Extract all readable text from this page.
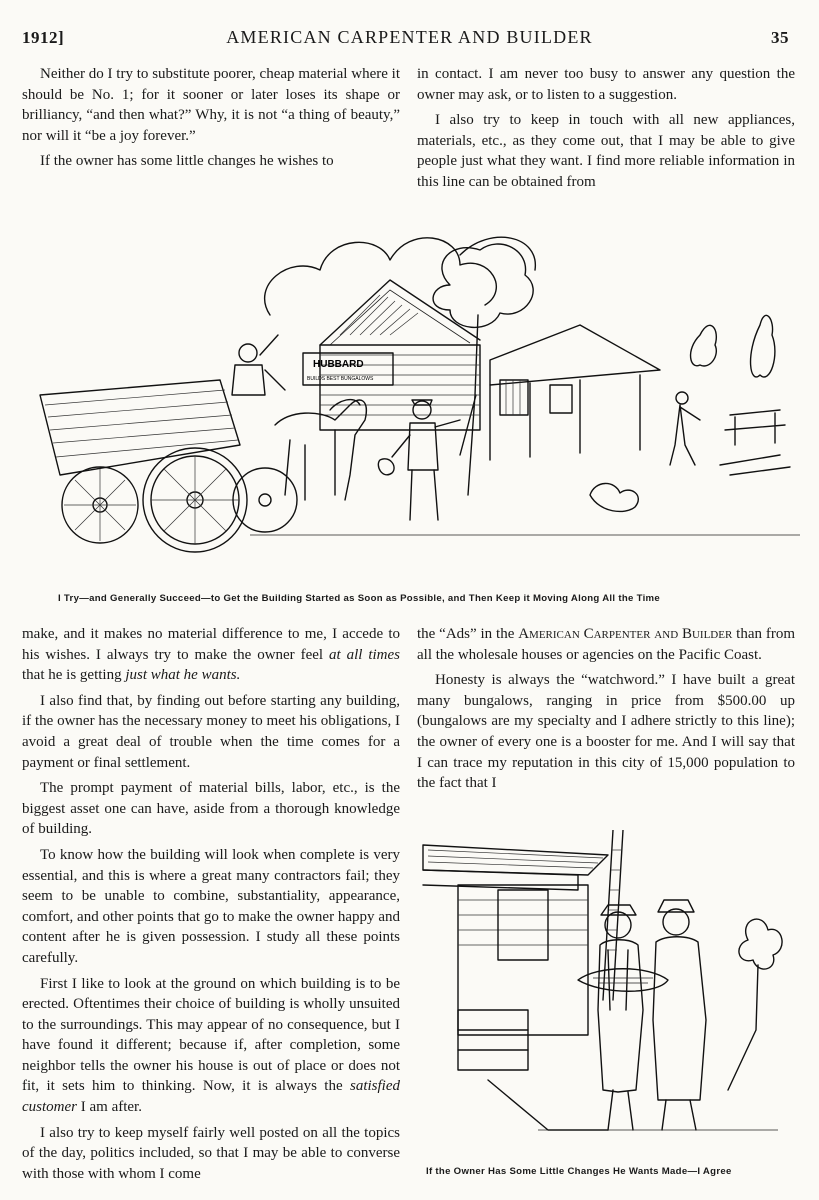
1912]	AMERICAN CARPENTER AND BUILDER	35

Neither do I try to substitute poorer, cheap material where it should be No. 1; for it sooner or later loses its shape or brilliancy, “and then what?” Why, it is not “a thing of beauty,” nor will it “be a joy forever.”

If the owner has some little changes he wishes to

in contact. I am never too busy to answer any question the owner may ask, or to listen to a suggestion.

I also try to keep in touch with all new appliances, materials, etc., as they come out, that I may be able to give people just what they want. I find more reliable information in this line can be obtained from

HUBBARD
BUILDS BEST BUNGALOWS
I Try—and Generally Succeed—to Get the Building Started as Soon as Possible, and Then Keep it Moving Along All the Time

make, and it makes no material difference to me, I accede to his wishes. I always try to make the owner feel at all times that he is getting just what he wants.

I also find that, by finding out before starting any building, if the owner has the necessary money to meet his obligations, I avoid a great deal of trouble when the time comes for a payment or final settlement.

The prompt payment of material bills, labor, etc., is the biggest asset one can have, aside from a thorough knowledge of building.

To know how the building will look when complete is very essential, and this is where a great many contractors fail; they seem to be unable to combine, substantiality, appearance, comfort, and other points that go to make the owner happy and content after he is given possession. I study all these points carefully.

First I like to look at the ground on which building is to be erected. Oftentimes their choice of building is wholly unsuited to the surroundings. This may appear of no consequence, but I have found it different; because if, after completion, some neighbor tells the owner his house is out of place or does not fit, it sets him to thinking. Now, it is always the satisfied customer I am after.

I also try to keep myself fairly well posted on all the topics of the day, politics included, so that I may be able to converse with those with whom I come

the “Ads” in the American Carpenter and Builder than from all the wholesale houses or agencies on the Pacific Coast.

Honesty is always the “watchword.” I have built a great many bungalows, ranging in price from $500.00 up (bungalows are my specialty and I adhere strictly to this line); the owner of every one is a booster for me. And I will say that I can trace my reputation in this city of 15,000 population to the fact that I

If the Owner Has Some Little Changes He Wants Made—I Agree
